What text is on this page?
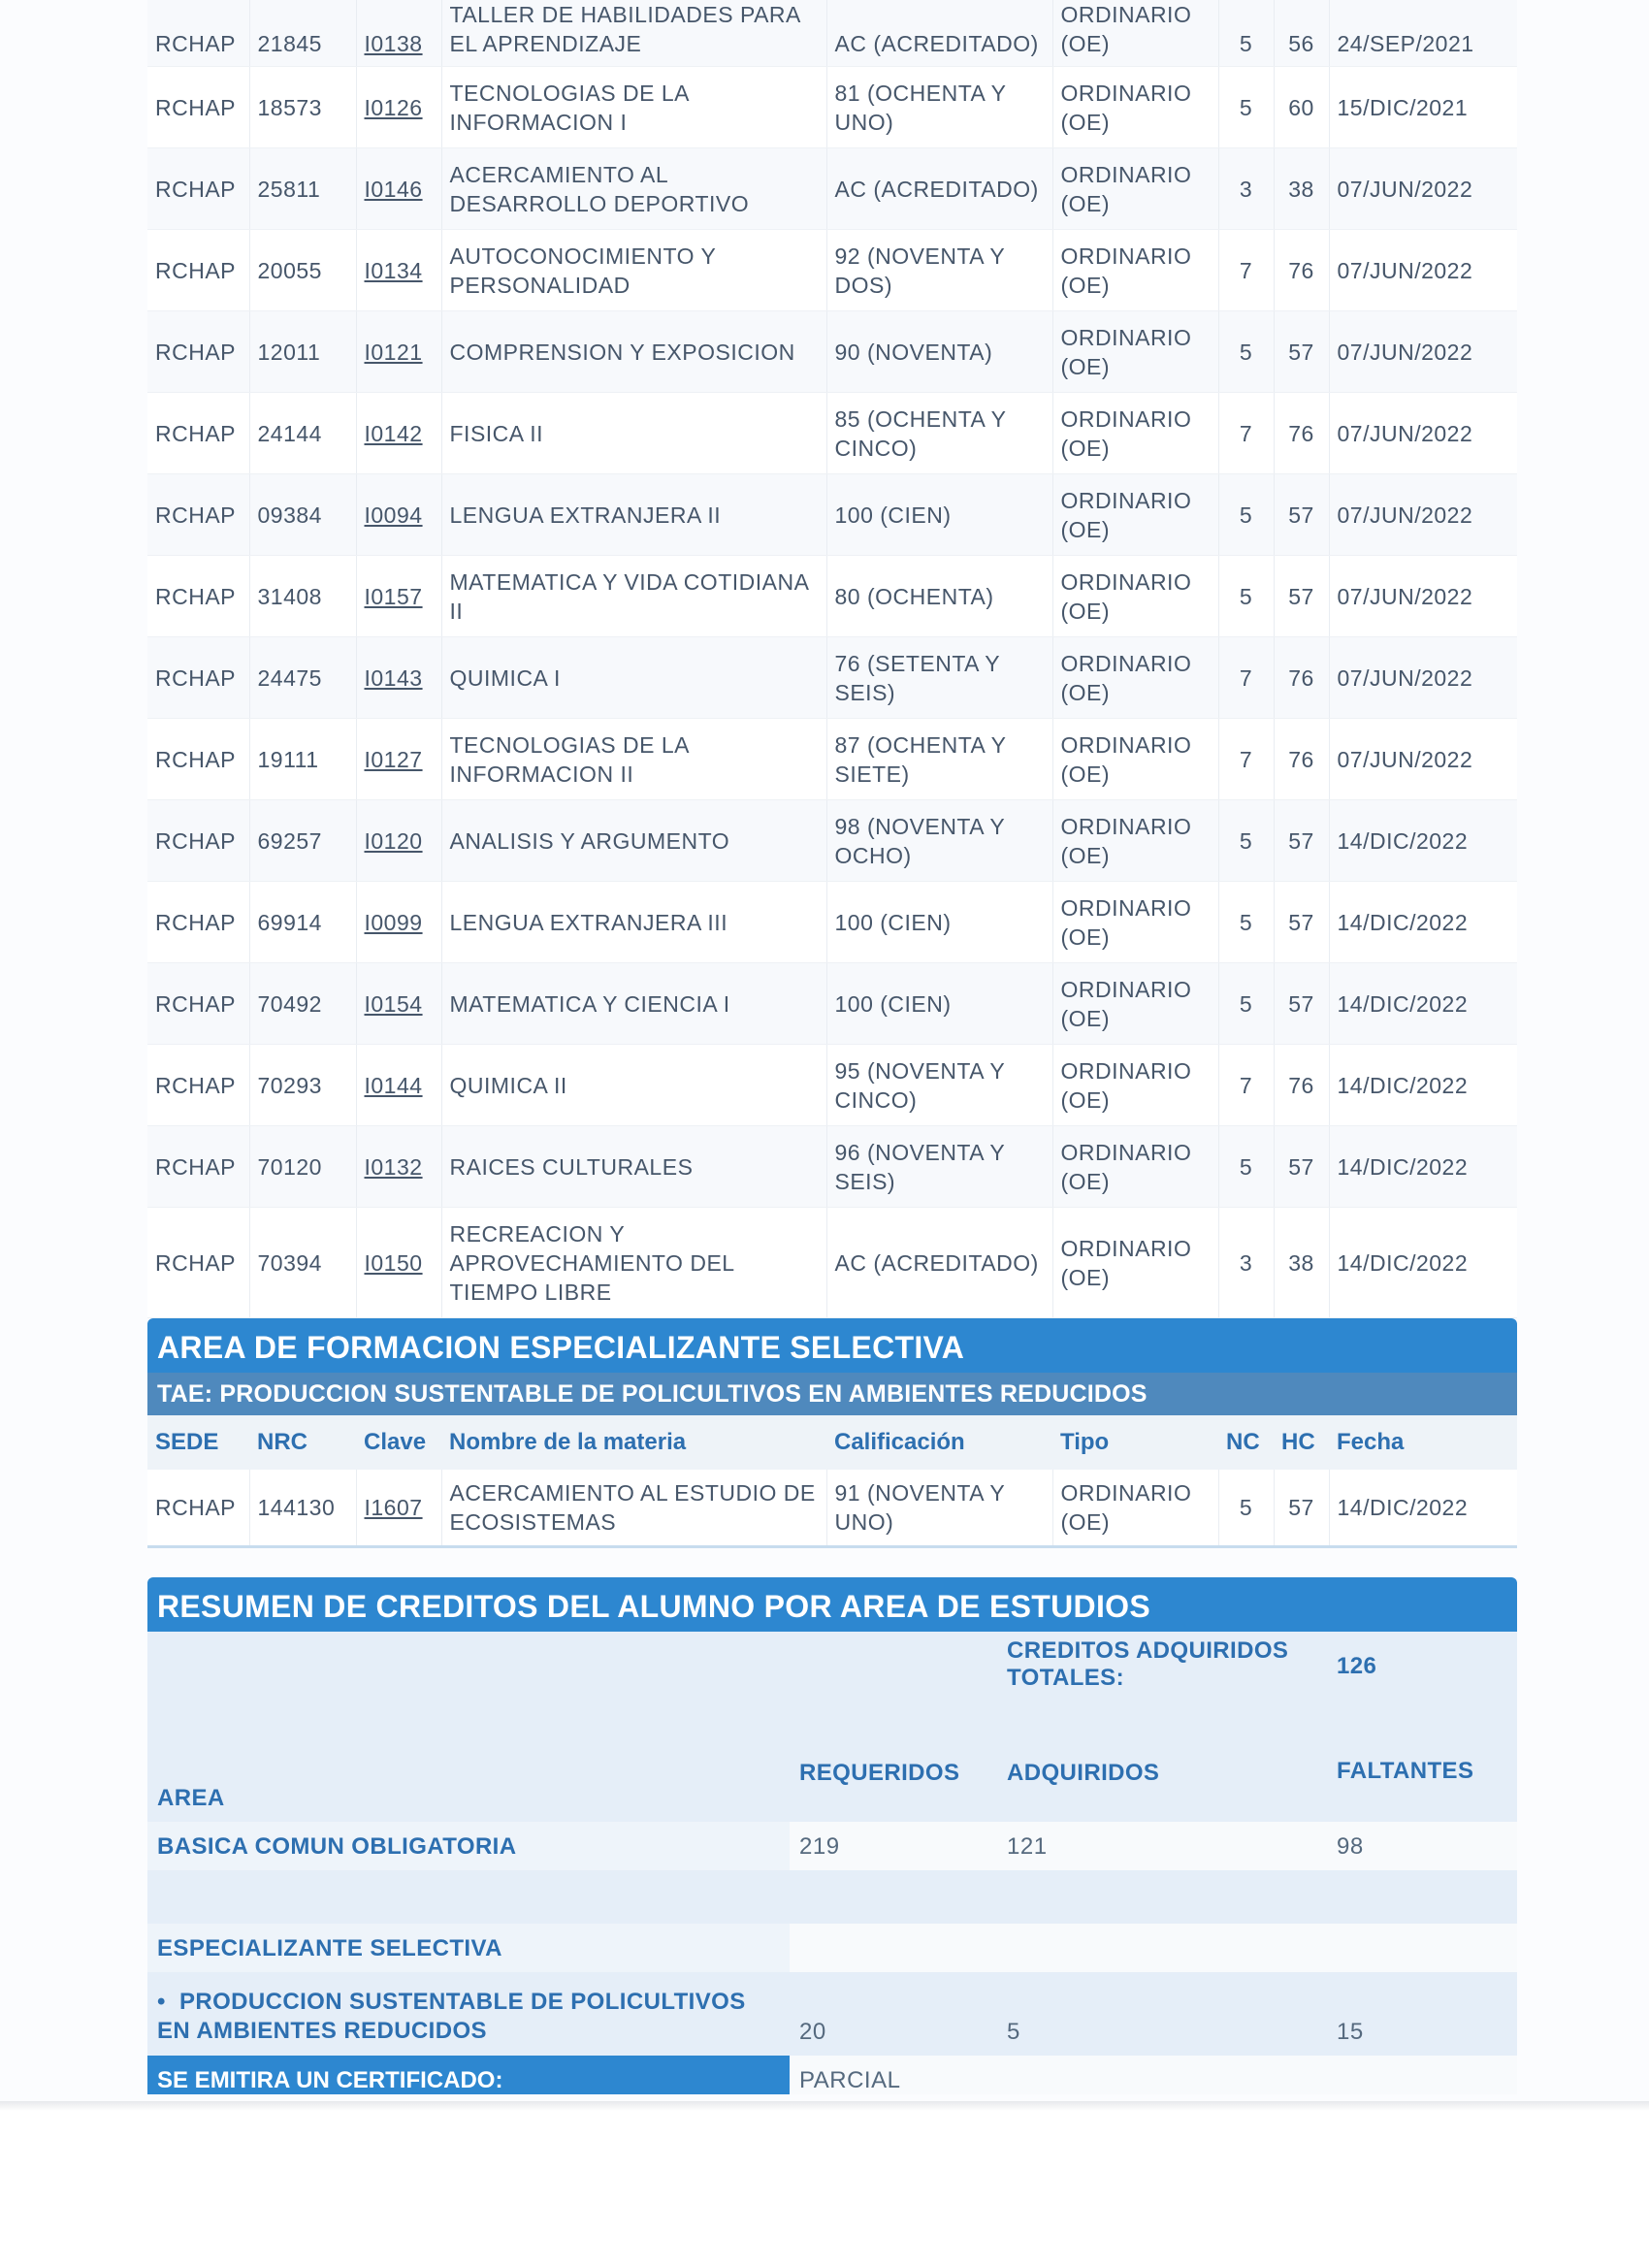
RCHAP	21845	I0138	TALLER DE HABILIDADES PARA EL APRENDIZAJE	AC (ACREDITADO)	ORDINARIO (OE)	5	56	24/SEP/2021
RCHAP	18573	I0126	TECNOLOGIAS DE LA INFORMACION I	81 (OCHENTA Y UNO)	ORDINARIO (OE)	5	60	15/DIC/2021
RCHAP	25811	I0146	ACERCAMIENTO AL DESARROLLO DEPORTIVO	AC (ACREDITADO)	ORDINARIO (OE)	3	38	07/JUN/2022
RCHAP	20055	I0134	AUTOCONOCIMIENTO Y PERSONALIDAD	92 (NOVENTA Y DOS)	ORDINARIO (OE)	7	76	07/JUN/2022
RCHAP	12011	I0121	COMPRENSION Y EXPOSICION	90 (NOVENTA)	ORDINARIO (OE)	5	57	07/JUN/2022
RCHAP	24144	I0142	FISICA II	85 (OCHENTA Y CINCO)	ORDINARIO (OE)	7	76	07/JUN/2022
RCHAP	09384	I0094	LENGUA EXTRANJERA II	100 (CIEN)	ORDINARIO (OE)	5	57	07/JUN/2022
RCHAP	31408	I0157	MATEMATICA Y VIDA COTIDIANA II	80 (OCHENTA)	ORDINARIO (OE)	5	57	07/JUN/2022
RCHAP	24475	I0143	QUIMICA I	76 (SETENTA Y SEIS)	ORDINARIO (OE)	7	76	07/JUN/2022
RCHAP	19111	I0127	TECNOLOGIAS DE LA INFORMACION II	87 (OCHENTA Y SIETE)	ORDINARIO (OE)	7	76	07/JUN/2022
RCHAP	69257	I0120	ANALISIS Y ARGUMENTO	98 (NOVENTA Y OCHO)	ORDINARIO (OE)	5	57	14/DIC/2022
RCHAP	69914	I0099	LENGUA EXTRANJERA III	100 (CIEN)	ORDINARIO (OE)	5	57	14/DIC/2022
RCHAP	70492	I0154	MATEMATICA Y CIENCIA I	100 (CIEN)	ORDINARIO (OE)	5	57	14/DIC/2022
RCHAP	70293	I0144	QUIMICA II	95 (NOVENTA Y CINCO)	ORDINARIO (OE)	7	76	14/DIC/2022
RCHAP	70120	I0132	RAICES CULTURALES	96 (NOVENTA Y SEIS)	ORDINARIO (OE)	5	57	14/DIC/2022
RCHAP	70394	I0150	RECREACION Y APROVECHAMIENTO DEL TIEMPO LIBRE	AC (ACREDITADO)	ORDINARIO (OE)	3	38	14/DIC/2022
AREA DE FORMACION ESPECIALIZANTE SELECTIVA
TAE: PRODUCCION SUSTENTABLE DE POLICULTIVOS EN AMBIENTES REDUCIDOS
SEDE	NRC	Clave	Nombre de la materia	Calificación	Tipo	NC	HC	Fecha
RCHAP	144130	I1607	ACERCAMIENTO AL ESTUDIO DE ECOSISTEMAS	91 (NOVENTA Y UNO)	ORDINARIO (OE)	5	57	14/DIC/2022
RESUMEN DE CREDITOS DEL ALUMNO POR AREA DE ESTUDIOS
		CREDITOS ADQUIRIDOS TOTALES:	126
AREA	REQUERIDOS	ADQUIRIDOS	FALTANTES
BASICA COMUN OBLIGATORIA	219	121	98

ESPECIALIZANTE SELECTIVA			
•  PRODUCCION SUSTENTABLE DE POLICULTIVOS EN AMBIENTES REDUCIDOS	20	5	15
SE EMITIRA UN CERTIFICADO:	PARCIAL		
